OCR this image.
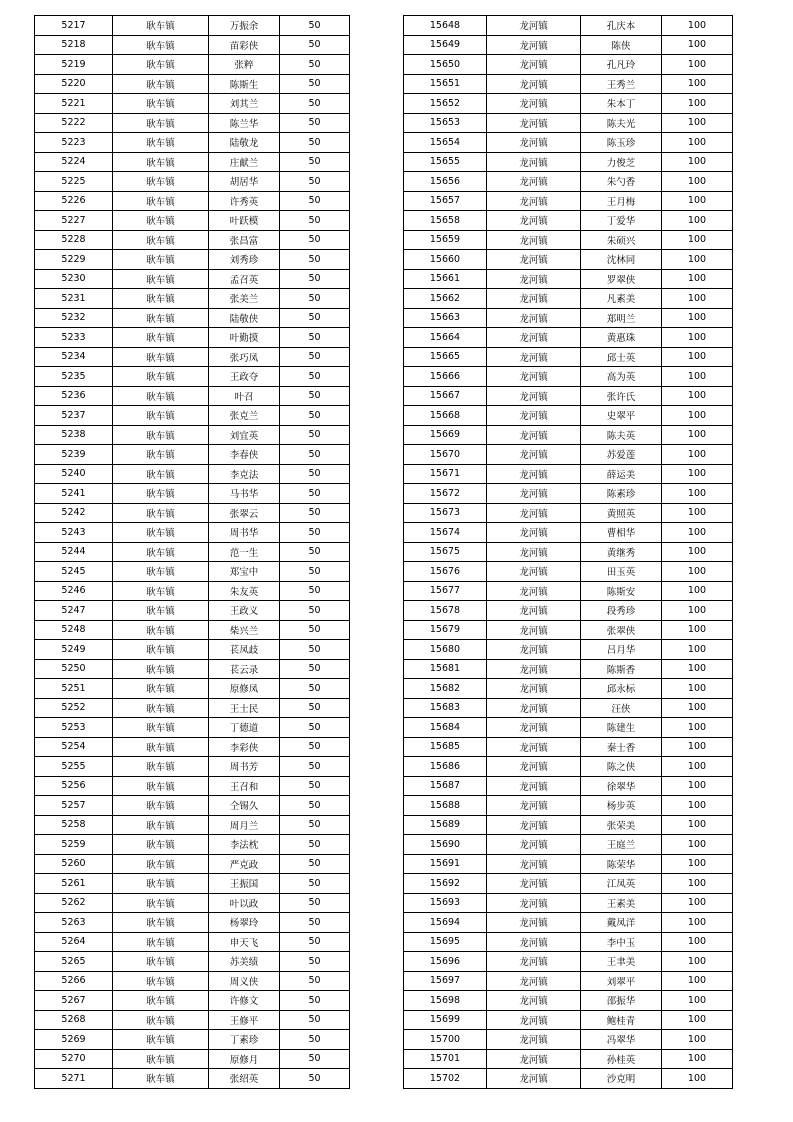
5217	耿车镇	万振余	50
5218	耿车镇	苗彩侠	50
5219	耿车镇	张粹	50
5220	耿车镇	陈斯生	50
5221	耿车镇	刘其兰	50
5222	耿车镇	陈兰华	50
5223	耿车镇	陆敬龙	50
5224	耿车镇	庄献兰	50
5225	耿车镇	胡居华	50
5226	耿车镇	许秀英	50
5227	耿车镇	叶跃模	50
5228	耿车镇	张昌富	50
5229	耿车镇	刘秀珍	50
5230	耿车镇	孟召英	50
5231	耿车镇	张美兰	50
5232	耿车镇	陆敬侠	50
5233	耿车镇	叶勤摸	50
5234	耿车镇	张巧凤	50
5235	耿车镇	王政夺	50
5236	耿车镇	叶召	50
5237	耿车镇	张克兰	50
5238	耿车镇	刘宜英	50
5239	耿车镇	李春侠	50
5240	耿车镇	李克法	50
5241	耿车镇	马书华	50
5242	耿车镇	张翠云	50
5243	耿车镇	周书华	50
5244	耿车镇	范一生	50
5245	耿车镇	郑宝中	50
5246	耿车镇	朱友英	50
5247	耿车镇	王政义	50
5248	耿车镇	柴兴兰	50
5249	耿车镇	苌凤歧	50
5250	耿车镇	苌云录	50
5251	耿车镇	原修凤	50
5252	耿车镇	王士民	50
5253	耿车镇	丁德道	50
5254	耿车镇	李彩侠	50
5255	耿车镇	周书芳	50
5256	耿车镇	王召和	50
5257	耿车镇	仝锡久	50
5258	耿车镇	周月兰	50
5259	耿车镇	李法枕	50
5260	耿车镇	严克政	50
5261	耿车镇	王振国	50
5262	耿车镇	叶以政	50
5263	耿车镇	杨翠玲	50
5264	耿车镇	申天飞	50
5265	耿车镇	苏美绩	50
5266	耿车镇	周义侠	50
5267	耿车镇	许修文	50
5268	耿车镇	王修平	50
5269	耿车镇	丁素珍	50
5270	耿车镇	原修月	50
5271	耿车镇	张绍英	50
15648	龙河镇	孔庆本	100
15649	龙河镇	陈侠	100
15650	龙河镇	孔凡玲	100
15651	龙河镇	王秀兰	100
15652	龙河镇	朱本丁	100
15653	龙河镇	陈夫光	100
15654	龙河镇	陈玉珍	100
15655	龙河镇	力俊芝	100
15656	龙河镇	朱勺香	100
15657	龙河镇	王月梅	100
15658	龙河镇	丁爱华	100
15659	龙河镇	朱硕兴	100
15660	龙河镇	沈林同	100
15661	龙河镇	罗翠侠	100
15662	龙河镇	凡素美	100
15663	龙河镇	郑明兰	100
15664	龙河镇	黄惠珠	100
15665	龙河镇	邱士英	100
15666	龙河镇	高为英	100
15667	龙河镇	张许氏	100
15668	龙河镇	史翠平	100
15669	龙河镇	陈夫英	100
15670	龙河镇	苏爱莲	100
15671	龙河镇	薛运美	100
15672	龙河镇	陈素珍	100
15673	龙河镇	黄照英	100
15674	龙河镇	曹相华	100
15675	龙河镇	黄继秀	100
15676	龙河镇	田玉英	100
15677	龙河镇	陈斯安	100
15678	龙河镇	段秀珍	100
15679	龙河镇	张翠侠	100
15680	龙河镇	吕月华	100
15681	龙河镇	陈斯香	100
15682	龙河镇	邱永标	100
15683	龙河镇	汪侠	100
15684	龙河镇	陈建生	100
15685	龙河镇	秦士香	100
15686	龙河镇	陈之侠	100
15687	龙河镇	徐翠华	100
15688	龙河镇	杨步英	100
15689	龙河镇	张荣美	100
15690	龙河镇	王庭兰	100
15691	龙河镇	陈荣华	100
15692	龙河镇	江凤英	100
15693	龙河镇	王素美	100
15694	龙河镇	戴凤洋	100
15695	龙河镇	李中玉	100
15696	龙河镇	王聿美	100
15697	龙河镇	刘翠平	100
15698	龙河镇	邵振华	100
15699	龙河镇	鲍桂青	100
15700	龙河镇	冯翠华	100
15701	龙河镇	孙桂英	100
15702	龙河镇	沙克明	100
